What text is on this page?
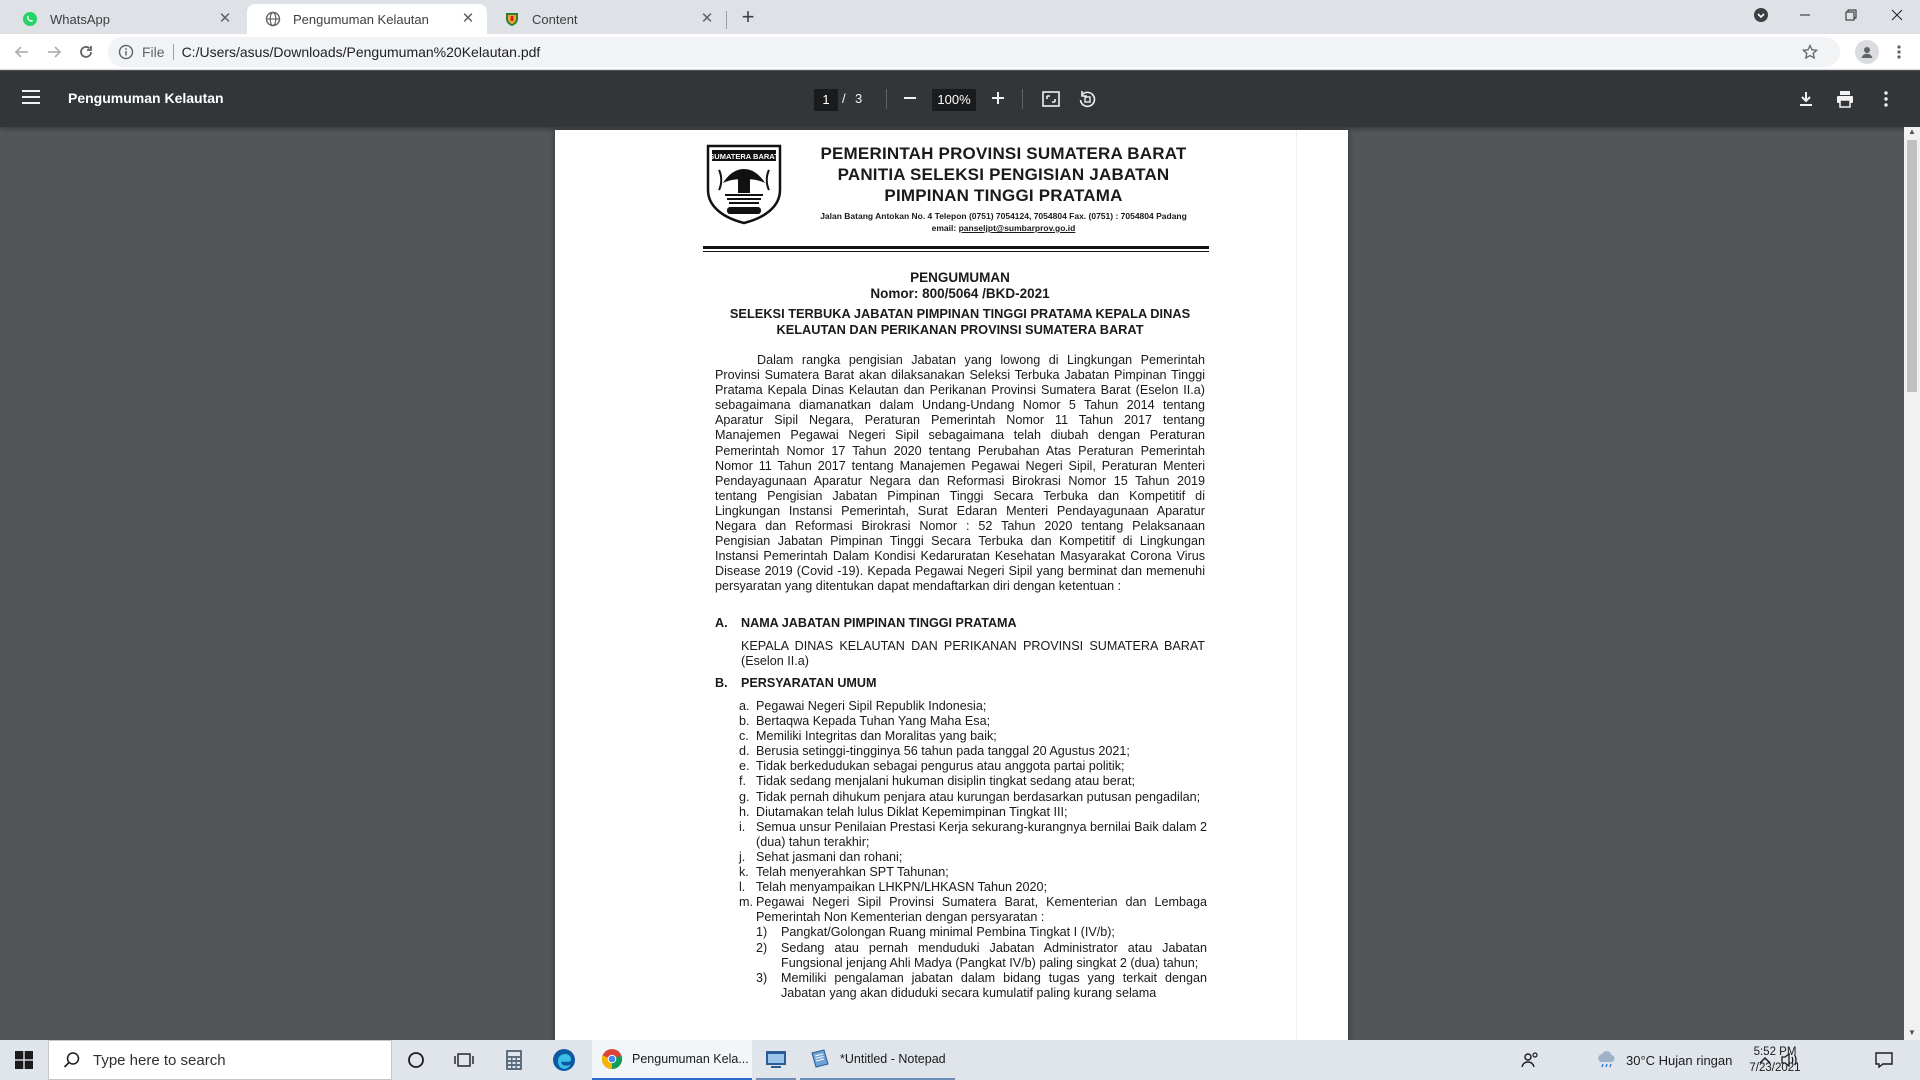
WhatsApp	✕	Pengumuman Kelautan	✕	Content	✕ +
File C:/Users/asus/Downloads/Pengumuman%20Kelautan.pdf
Pengumuman Kelautan	1 / 3	100%
SUMATERA BARAT	PEMERINTAH PROVINSI SUMATERA BARAT
PANITIA SELEKSI PENGISIAN JABATAN
PIMPINAN TINGGI PRATAMA
Jalan Batang Antokan No. 4 Telepon (0751) 7054124, 7054804 Fax. (0751) : 7054804 Padang
email: panseljpt@sumbarprov.go.id
PENGUMUMAN
Nomor: 800/5064 /BKD-2021
SELEKSI TERBUKA JABATAN PIMPINAN TINGGI PRATAMA KEPALA DINAS
KELAUTAN DAN PERIKANAN PROVINSI SUMATERA BARAT
Dalam rangka pengisian Jabatan yang lowong di Lingkungan Pemerintah Provinsi Sumatera Barat akan dilaksanakan Seleksi Terbuka Jabatan Pimpinan Tinggi Pratama Kepala Dinas Kelautan dan Perikanan Provinsi Sumatera Barat (Eselon II.a) sebagaimana diamanatkan dalam Undang-Undang Nomor 5 Tahun 2014 tentang Aparatur Sipil Negara, Peraturan Pemerintah Nomor 11 Tahun 2017 tentang Manajemen Pegawai Negeri Sipil sebagaimana telah diubah dengan Peraturan Pemerintah Nomor 17 Tahun 2020 tentang Perubahan Atas Peraturan Pemerintah Nomor 11 Tahun 2017 tentang Manajemen Pegawai Negeri Sipil, Peraturan Menteri Pendayagunaan Aparatur Negara dan Reformasi Birokrasi Nomor 15 Tahun 2019 tentang Pengisian Jabatan Pimpinan Tinggi Secara Terbuka dan Kompetitif di Lingkungan Instansi Pemerintah, Surat Edaran Menteri Pendayagunaan Aparatur Negara dan Reformasi Birokrasi Nomor : 52 Tahun 2020 tentang Pelaksanaan Pengisian Jabatan Pimpinan Tinggi Secara Terbuka dan Kompetitif di Lingkungan Instansi Pemerintah Dalam Kondisi Kedaruratan Kesehatan Masyarakat Corona Virus Disease 2019 (Covid -19). Kepada Pegawai Negeri Sipil yang berminat dan memenuhi persyaratan yang ditentukan dapat mendaftarkan diri dengan ketentuan :
A.	NAMA JABATAN PIMPINAN TINGGI PRATAMA
KEPALA DINAS KELAUTAN DAN PERIKANAN PROVINSI SUMATERA BARAT (Eselon II.a)
B.	PERSYARATAN UMUM
a. Pegawai Negeri Sipil Republik Indonesia;
b. Bertaqwa Kepada Tuhan Yang Maha Esa;
c. Memiliki Integritas dan Moralitas yang baik;
d. Berusia setinggi-tingginya 56 tahun pada tanggal 20 Agustus 2021;
e. Tidak berkedudukan sebagai pengurus atau anggota partai politik;
f. Tidak sedang menjalani hukuman disiplin tingkat sedang atau berat;
g. Tidak pernah dihukum penjara atau kurungan berdasarkan putusan pengadilan;
h. Diutamakan telah lulus Diklat Kepemimpinan Tingkat III;
i. Semua unsur Penilaian Prestasi Kerja sekurang-kurangnya bernilai Baik dalam 2 (dua) tahun terakhir;
j. Sehat jasmani dan rohani;
k. Telah menyerahkan SPT Tahunan;
l. Telah menyampaikan LHKPN/LHKASN Tahun 2020;
m. Pegawai Negeri Sipil Provinsi Sumatera Barat, Kementerian dan Lembaga Pemerintah Non Kementerian dengan persyaratan :
1)	Pangkat/Golongan Ruang minimal Pembina Tingkat I (IV/b);
2)	Sedang atau pernah menduduki Jabatan Administrator atau Jabatan Fungsional jenjang Ahli Madya (Pangkat IV/b) paling singkat 2 (dua) tahun;
3)	Memiliki pengalaman jabatan dalam bidang tugas yang terkait dengan Jabatan yang akan diduduki secara kumulatif paling kurang selama
▲
▼
Type here to search	Pengumuman Kela...	*Untitled - Notepad	30°C Hujan ringan
5:52 PM
7/23/2021
